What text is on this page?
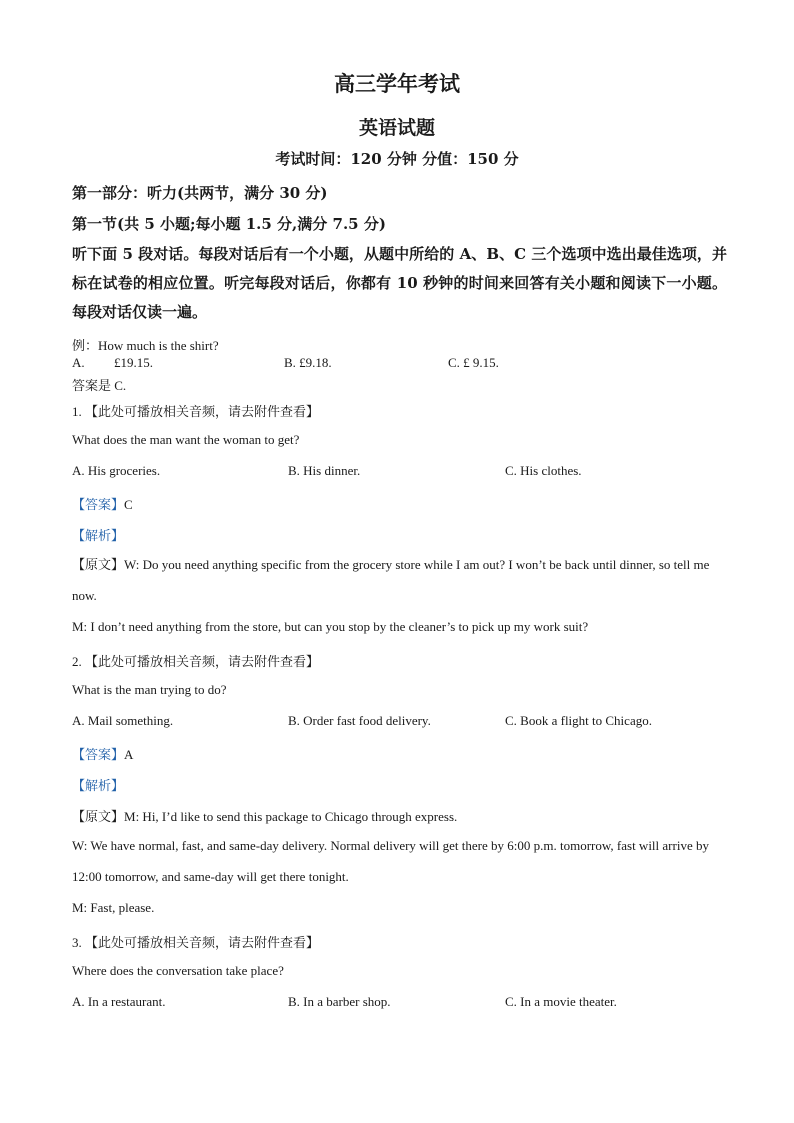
高三学年考试
英语试题
考试时间：120 分钟 分值：150 分
第一部分：听力(共两节，满分 30 分)
第一节(共 5 小题;每小题 1.5 分,满分 7.5 分)
听下面 5 段对话。每段对话后有一个小题，从题中所给的 A、B、C 三个选项中选出最佳选项，并标在试卷的相应位置。听完每段对话后，你都有 10 秒钟的时间来回答有关小题和阅读下一小题。每段对话仅读一遍。
例：How much is the shirt?
A. £19.15.	B. £9.18.	C. £ 9.15.
答案是 C.
1. 【此处可播放相关音频，请去附件查看】
What does the man want the woman to get?
A. His groceries.	B. His dinner.	C. His clothes.
【答案】C
【解析】
【原文】W: Do you need anything specific from the grocery store while I am out? I won’t be back until dinner, so tell me now.
M: I don’t need anything from the store, but can you stop by the cleaner’s to pick up my work suit?
2. 【此处可播放相关音频，请去附件查看】
What is the man trying to do?
A. Mail something.	B. Order fast food delivery.	C. Book a flight to Chicago.
【答案】A
【解析】
【原文】M: Hi, I’d like to send this package to Chicago through express.
W: We have normal, fast, and same-day delivery. Normal delivery will get there by 6:00 p.m. tomorrow, fast will arrive by 12:00 tomorrow, and same-day will get there tonight.
M: Fast, please.
3. 【此处可播放相关音频，请去附件查看】
Where does the conversation take place?
A. In a restaurant.	B. In a barber shop.	C. In a movie theater.
